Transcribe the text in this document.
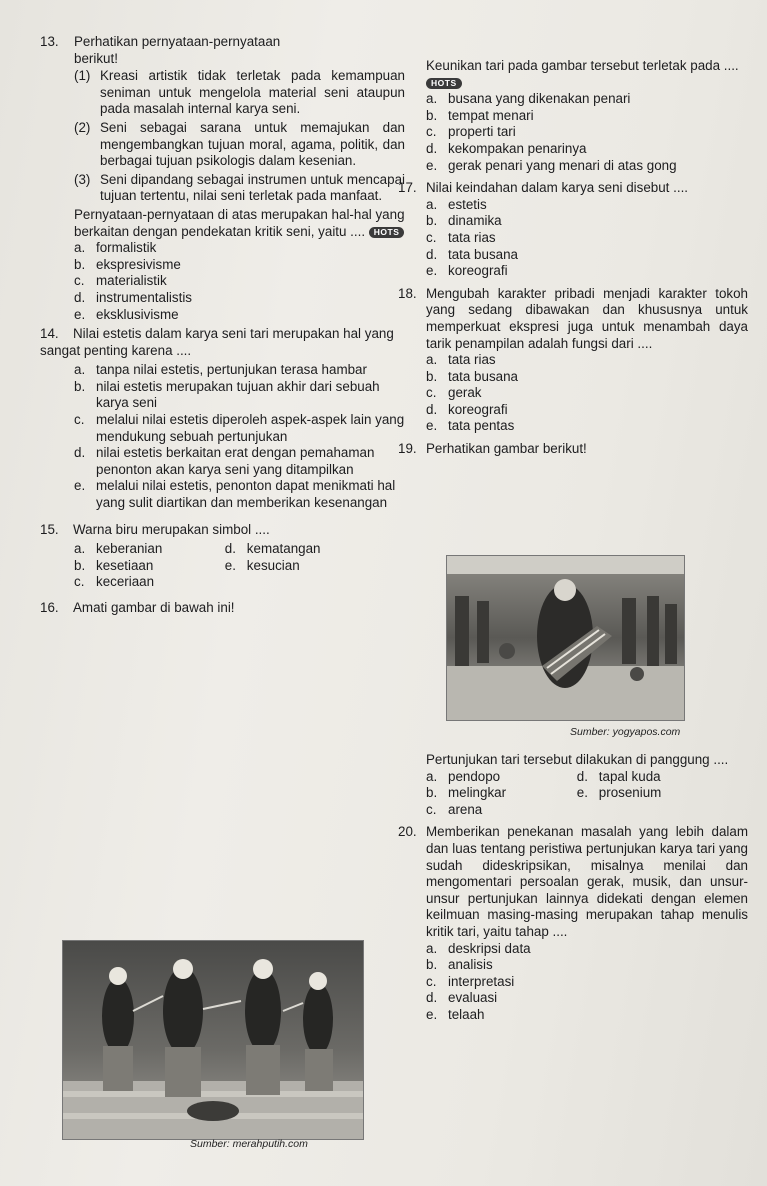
13. Perhatikan pernyataan-pernyataan berikut!
(1) Kreasi artistik tidak terletak pada kemampuan seniman untuk mengelola material seni ataupun pada masalah internal karya seni.
(2) Seni sebagai sarana untuk memajukan dan mengembangkan tujuan moral, agama, politik, dan berbagai tujuan psikologis dalam kesenian.
(3) Seni dipandang sebagai instrumen untuk mencapai tujuan tertentu, nilai seni terletak pada manfaat.
Pernyataan-pernyataan di atas merupakan hal-hal yang berkaitan dengan pendekatan kritik seni, yaitu .... HOTS
a. formalistik
b. ekspresivisme
c. materialistik
d. instrumentalistis
e. eksklusivisme
14. Nilai estetis dalam karya seni tari merupakan hal yang sangat penting karena ....
a. tanpa nilai estetis, pertunjukan terasa hambar
b. nilai estetis merupakan tujuan akhir dari sebuah karya seni
c. melalui nilai estetis diperoleh aspek-aspek lain yang mendukung sebuah pertunjukan
d. nilai estetis berkaitan erat dengan pemahaman penonton akan karya seni yang ditampilkan
e. melalui nilai estetis, penonton dapat menikmati hal yang sulit diartikan dan memberikan kesenangan
15. Warna biru merupakan simbol ....
a. keberanian	d. kematangan
b. kesetiaan	e. kesucian
c. keceriaan
16. Amati gambar di bawah ini!
Sumber: merahputih.com
Keunikan tari pada gambar tersebut terletak pada .... HOTS
a. busana yang dikenakan penari
b. tempat menari
c. properti tari
d. kekompakan penarinya
e. gerak penari yang menari di atas gong
17. Nilai keindahan dalam karya seni disebut ....
a. estetis
b. dinamika
c. tata rias
d. tata busana
e. koreografi
18. Mengubah karakter pribadi menjadi karakter tokoh yang sedang dibawakan dan khususnya untuk memperkuat ekspresi juga untuk menambah daya tarik penampilan adalah fungsi dari ....
a. tata rias
b. tata busana
c. gerak
d. koreografi
e. tata pentas
19. Perhatikan gambar berikut!
Sumber: yogyapos.com
Pertunjukan tari tersebut dilakukan di panggung ....
a. pendopo	d. tapal kuda
b. melingkar	e. prosenium
c. arena
20. Memberikan penekanan masalah yang lebih dalam dan luas tentang peristiwa pertunjukan karya tari yang sudah dideskripsikan, misalnya menilai dan mengomentari persoalan gerak, musik, dan unsur-unsur pertunjukan lainnya didekati dengan elemen keilmuan masing-masing merupakan tahap menulis kritik tari, yaitu tahap ....
a. deskripsi data
b. analisis
c. interpretasi
d. evaluasi
e. telaah
